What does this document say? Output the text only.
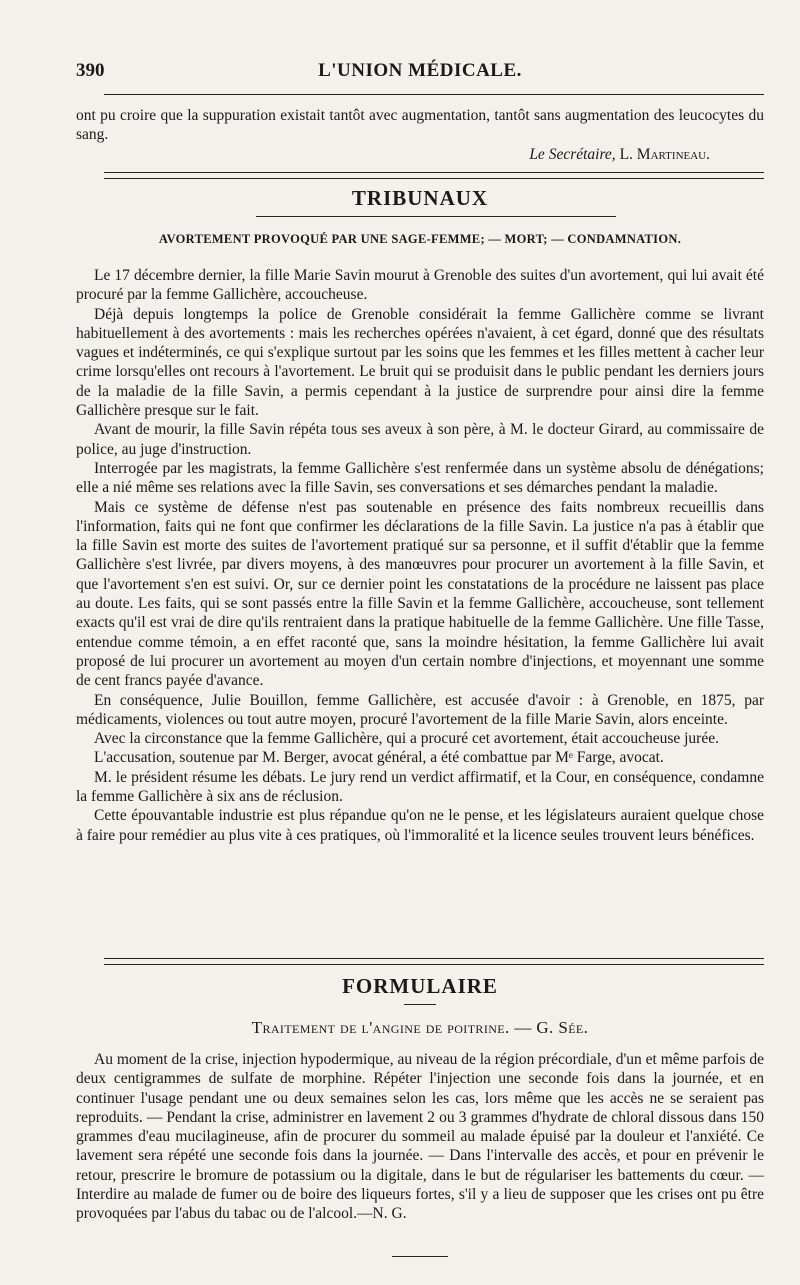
390	L'UNION MÉDICALE.

ont pu croire que la suppuration existait tantôt avec augmentation, tantôt sans augmentation des leucocytes du sang.

Le Secrétaire, L. Martineau.
TRIBUNAUX
AVORTEMENT PROVOQUÉ PAR UNE SAGE-FEMME; — MORT; — CONDAMNATION.

Le 17 décembre dernier, la fille Marie Savin mourut à Grenoble des suites d'un avortement, qui lui avait été procuré par la femme Gallichère, accoucheuse.

Déjà depuis longtemps la police de Grenoble considérait la femme Gallichère comme se livrant habituellement à des avortements : mais les recherches opérées n'avaient, à cet égard, donné que des résultats vagues et indéterminés, ce qui s'explique surtout par les soins que les femmes et les filles mettent à cacher leur crime lorsqu'elles ont recours à l'avortement. Le bruit qui se produisit dans le public pendant les derniers jours de la maladie de la fille Savin, a permis cependant à la justice de surprendre pour ainsi dire la femme Gallichère presque sur le fait.

Avant de mourir, la fille Savin répéta tous ses aveux à son père, à M. le docteur Girard, au commissaire de police, au juge d'instruction.

Interrogée par les magistrats, la femme Gallichère s'est renfermée dans un système absolu de dénégations; elle a nié même ses relations avec la fille Savin, ses conversations et ses démarches pendant la maladie.

Mais ce système de défense n'est pas soutenable en présence des faits nombreux recueillis dans l'information, faits qui ne font que confirmer les déclarations de la fille Savin. La justice n'a pas à établir que la fille Savin est morte des suites de l'avortement pratiqué sur sa personne, et il suffit d'établir que la femme Gallichère s'est livrée, par divers moyens, à des manœuvres pour procurer un avortement à la fille Savin, et que l'avortement s'en est suivi. Or, sur ce dernier point les constatations de la procédure ne laissent pas place au doute. Les faits, qui se sont passés entre la fille Savin et la femme Gallichère, accoucheuse, sont tellement exacts qu'il est vrai de dire qu'ils rentraient dans la pratique habituelle de la femme Gallichère. Une fille Tasse, entendue comme témoin, a en effet raconté que, sans la moindre hésitation, la femme Gallichère lui avait proposé de lui procurer un avortement au moyen d'un certain nombre d'injections, et moyennant une somme de cent francs payée d'avance.

En conséquence, Julie Bouillon, femme Gallichère, est accusée d'avoir : à Grenoble, en 1875, par médicaments, violences ou tout autre moyen, procuré l'avortement de la fille Marie Savin, alors enceinte.

Avec la circonstance que la femme Gallichère, qui a procuré cet avortement, était accoucheuse jurée.

L'accusation, soutenue par M. Berger, avocat général, a été combattue par Mᵉ Farge, avocat.

M. le président résume les débats. Le jury rend un verdict affirmatif, et la Cour, en conséquence, condamne la femme Gallichère à six ans de réclusion.

Cette épouvantable industrie est plus répandue qu'on ne le pense, et les législateurs auraient quelque chose à faire pour remédier au plus vite à ces pratiques, où l'immoralité et la licence seules trouvent leurs bénéfices.

FORMULAIRE
Traitement de l'angine de poitrine. — G. Sée.

Au moment de la crise, injection hypodermique, au niveau de la région précordiale, d'un et même parfois de deux centigrammes de sulfate de morphine. Répéter l'injection une seconde fois dans la journée, et en continuer l'usage pendant une ou deux semaines selon les cas, lors même que les accès ne se seraient pas reproduits. — Pendant la crise, administrer en lavement 2 ou 3 grammes d'hydrate de chloral dissous dans 150 grammes d'eau mucilagineuse, afin de procurer du sommeil au malade épuisé par la douleur et l'anxiété. Ce lavement sera répété une seconde fois dans la journée. — Dans l'intervalle des accès, et pour en prévenir le retour, prescrire le bromure de potassium ou la digitale, dans le but de régulariser les battements du cœur. — Interdire au malade de fumer ou de boire des liqueurs fortes, s'il y a lieu de supposer que les crises ont pu être provoquées par l'abus du tabac ou de l'alcool.—N. G.
